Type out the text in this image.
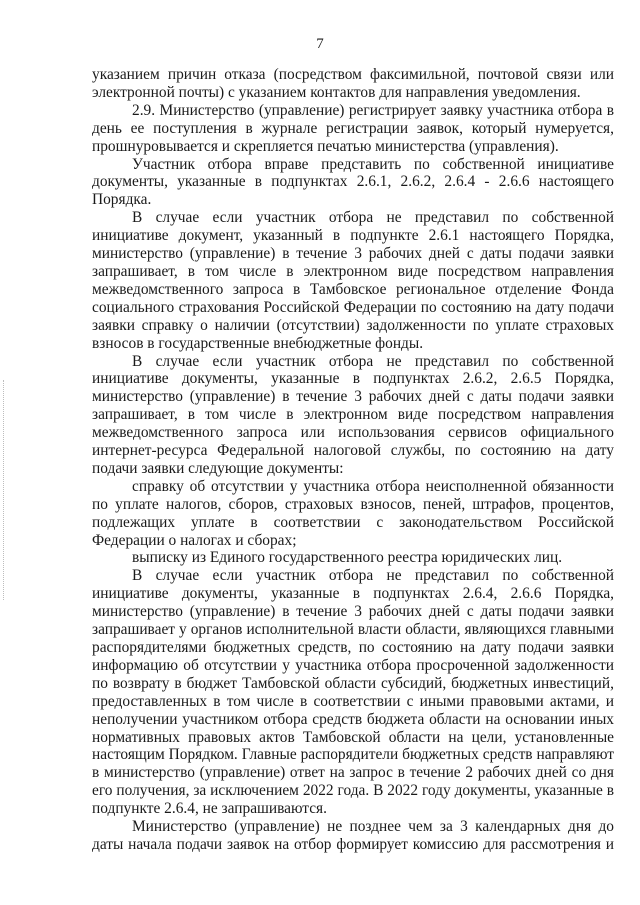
7

указанием причин отказа (посредством факсимильной, почтовой связи или электронной почты) с указанием контактов для направления уведомления.

2.9. Министерство (управление) регистрирует заявку участника отбора в день ее поступления в журнале регистрации заявок, который нумеруется, прошнуровывается и скрепляется печатью министерства (управления).

Участник отбора вправе представить по собственной инициативе документы, указанные в подпунктах 2.6.1, 2.6.2, 2.6.4 - 2.6.6 настоящего Порядка.

В случае если участник отбора не представил по собственной инициативе документ, указанный в подпункте 2.6.1 настоящего Порядка, министерство (управление) в течение 3 рабочих дней с даты подачи заявки запрашивает, в том числе в электронном виде посредством направления межведомственного запроса в Тамбовское региональное отделение Фонда социального страхования Российской Федерации по состоянию на дату подачи заявки справку о наличии (отсутствии) задолженности по уплате страховых взносов в государственные внебюджетные фонды.

В случае если участник отбора не представил по собственной инициативе документы, указанные в подпунктах 2.6.2, 2.6.5 Порядка, министерство (управление) в течение 3 рабочих дней с даты подачи заявки запрашивает, в том числе в электронном виде посредством направления межведомственного запроса или использования сервисов официального интернет-ресурса Федеральной налоговой службы, по состоянию на дату подачи заявки следующие документы:

справку об отсутствии у участника отбора неисполненной обязанности по уплате налогов, сборов, страховых взносов, пеней, штрафов, процентов, подлежащих уплате в соответствии с законодательством Российской Федерации о налогах и сборах;

выписку из Единого государственного реестра юридических лиц.

В случае если участник отбора не представил по собственной инициативе документы, указанные в подпунктах 2.6.4, 2.6.6 Порядка, министерство (управление) в течение 3 рабочих дней с даты подачи заявки запрашивает у органов исполнительной власти области, являющихся главными распорядителями бюджетных средств, по состоянию на дату подачи заявки информацию об отсутствии у участника отбора просроченной задолженности по возврату в бюджет Тамбовской области субсидий, бюджетных инвестиций, предоставленных в том числе в соответствии с иными правовыми актами, и неполучении участником отбора средств бюджета области на основании иных нормативных правовых актов Тамбовской области на цели, установленные настоящим Порядком. Главные распорядители бюджетных средств направляют в министерство (управление) ответ на запрос в течение 2 рабочих дней со дня его получения, за исключением 2022 года. В 2022 году документы, указанные в подпункте 2.6.4, не запрашиваются.

Министерство (управление) не позднее чем за 3 календарных дня до даты начала подачи заявок на отбор формирует комиссию для рассмотрения и
